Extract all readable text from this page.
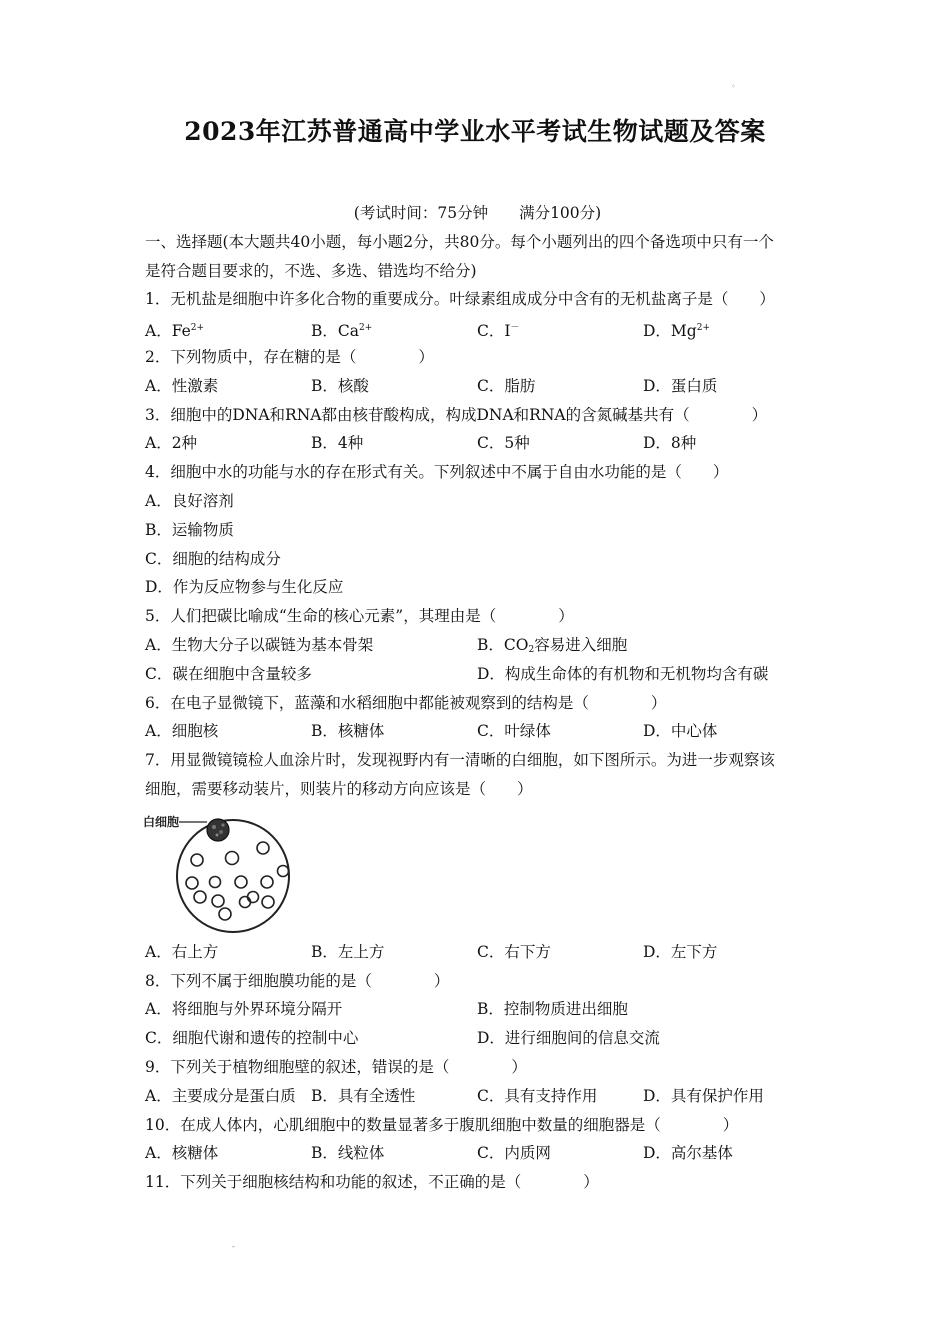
◦
-
2023年江苏普通高中学业水平考试生物试题及答案
(考试时间：75分钟　　满分100分)
一、选择题(本大题共40小题，每小题2分，共80分。每个小题列出的四个备选项中只有一个
是符合题目要求的，不选、多选、错选均不给分)
1．无机盐是细胞中许多化合物的重要成分。叶绿素组成成分中含有的无机盐离子是（　　）
A．$Fe^{2+}$	B．$Ca^{2+}$	C．I－	D．$Mg^{2+}$
2．下列物质中，存在糖的是（　　　　）
A．性激素	B．核酸	C．脂肪	D．蛋白质
3．细胞中的DNA和RNA都由核苷酸构成，构成DNA和RNA的含氮碱基共有（　　　　）
A．2种	B．4种	C．5种	D．8种
4．细胞中水的功能与水的存在形式有关。下列叙述中不属于自由水功能的是（　　）
A．良好溶剂
B．运输物质
C．细胞的结构成分
D．作为反应物参与生化反应
5．人们把碳比喻成“生命的核心元素”，其理由是（　　　　）
A．生物大分子以碳链为基本骨架	B．$CO_2$容易进入细胞
C．碳在细胞中含量较多	D．构成生命体的有机物和无机物均含有碳
6．在电子显微镜下，蓝藻和水稻细胞中都能被观察到的结构是（　　　　）
A．细胞核	B．核糖体	C．叶绿体	D．中心体
7．用显微镜镜检人血涂片时，发现视野内有一清晰的白细胞，如下图所示。为进一步观察该
细胞，需要移动装片，则装片的移动方向应该是（　　）
白细胞
A．右上方	B．左上方	C．右下方	D．左下方
8．下列不属于细胞膜功能的是（　　　　）
A．将细胞与外界环境分隔开	B．控制物质进出细胞
C．细胞代谢和遗传的控制中心	D．进行细胞间的信息交流
9．下列关于植物细胞壁的叙述，错误的是（　　　　）
A．主要成分是蛋白质 B．具有全透性	C．具有支持作用	D．具有保护作用
10．在成人体内，心肌细胞中的数量显著多于腹肌细胞中数量的细胞器是（　　　　）
A．核糖体	B．线粒体	C．内质网	D．高尔基体
11．下列关于细胞核结构和功能的叙述，不正确的是（　　　　）
